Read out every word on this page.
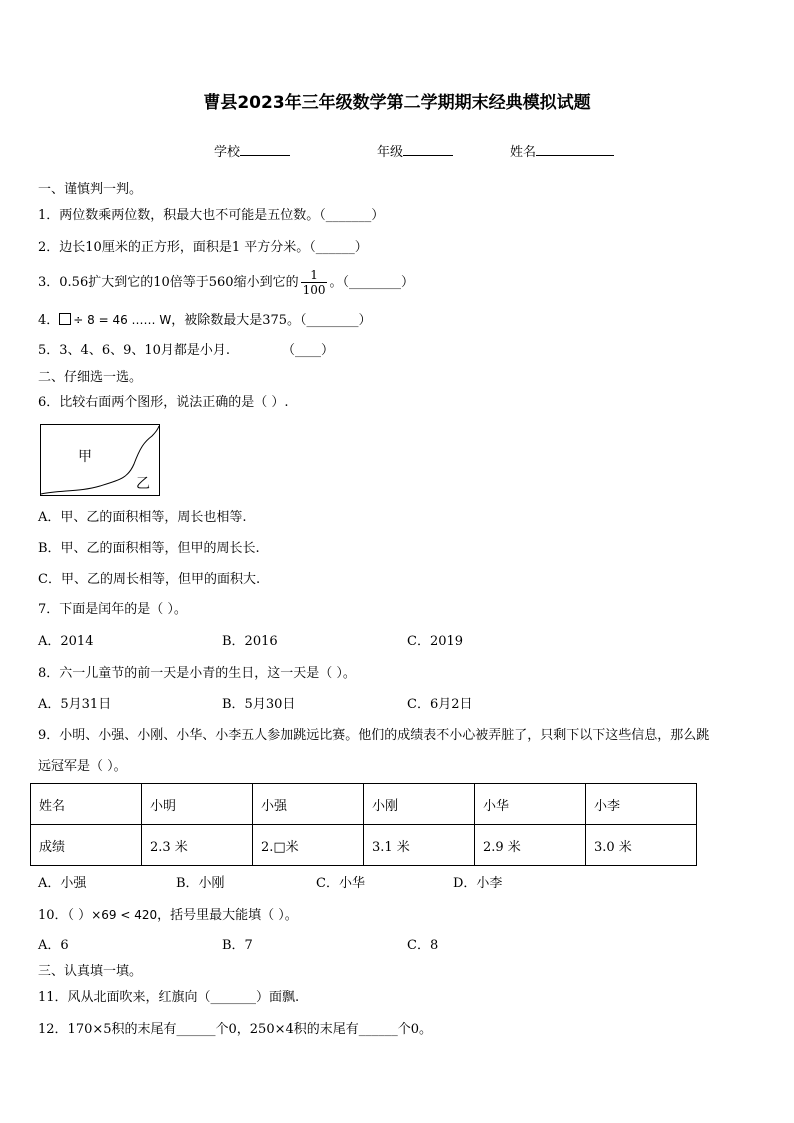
曹县2023年三年级数学第二学期期末经典模拟试题
学校	年级	姓名
一、谨慎判一判。
1．两位数乘两位数，积最大也不可能是五位数。（_______）
2．边长10厘米的正方形，面积是1 平方分米。（______）
3．0.56扩大到它的10倍等于560缩小到它的 $\frac{1}{100}$ 。（________）
4． ÷ 8 = 46 …… W，被除数最大是375。（________）
5．3、4、6、9、10月都是小月.	（____）
二、仔细选一选。
6．比较右面两个图形，说法正确的是（ ）.
甲
乙
A．甲、乙的面积相等，周长也相等.
B．甲、乙的面积相等，但甲的周长长.
C．甲、乙的周长相等，但甲的面积大.
7．下面是闰年的是（ ）。
A．2014	B．2016	C．2019
8．六一儿童节的前一天是小青的生日，这一天是（ ）。
A．5月31日	B．5月30日	C．6月2日
9．小明、小强、小刚、小华、小李五人参加跳远比赛。他们的成绩表不小心被弄脏了，只剩下以下这些信息，那么跳
远冠军是（ ）。
姓名	小明	小强	小刚	小华	小李
成绩	2.3 米	2.□米	3.1 米	2.9 米	3.0 米
A．小强	B．小刚	C．小华	D．小李
10．（ ）×69 < 420，括号里最大能填（ ）。
A．6	B．7	C．8
三、认真填一填。
11．风从北面吹来，红旗向（_______）面飘.
12．170×5积的末尾有______个0，250×4积的末尾有______个0。
